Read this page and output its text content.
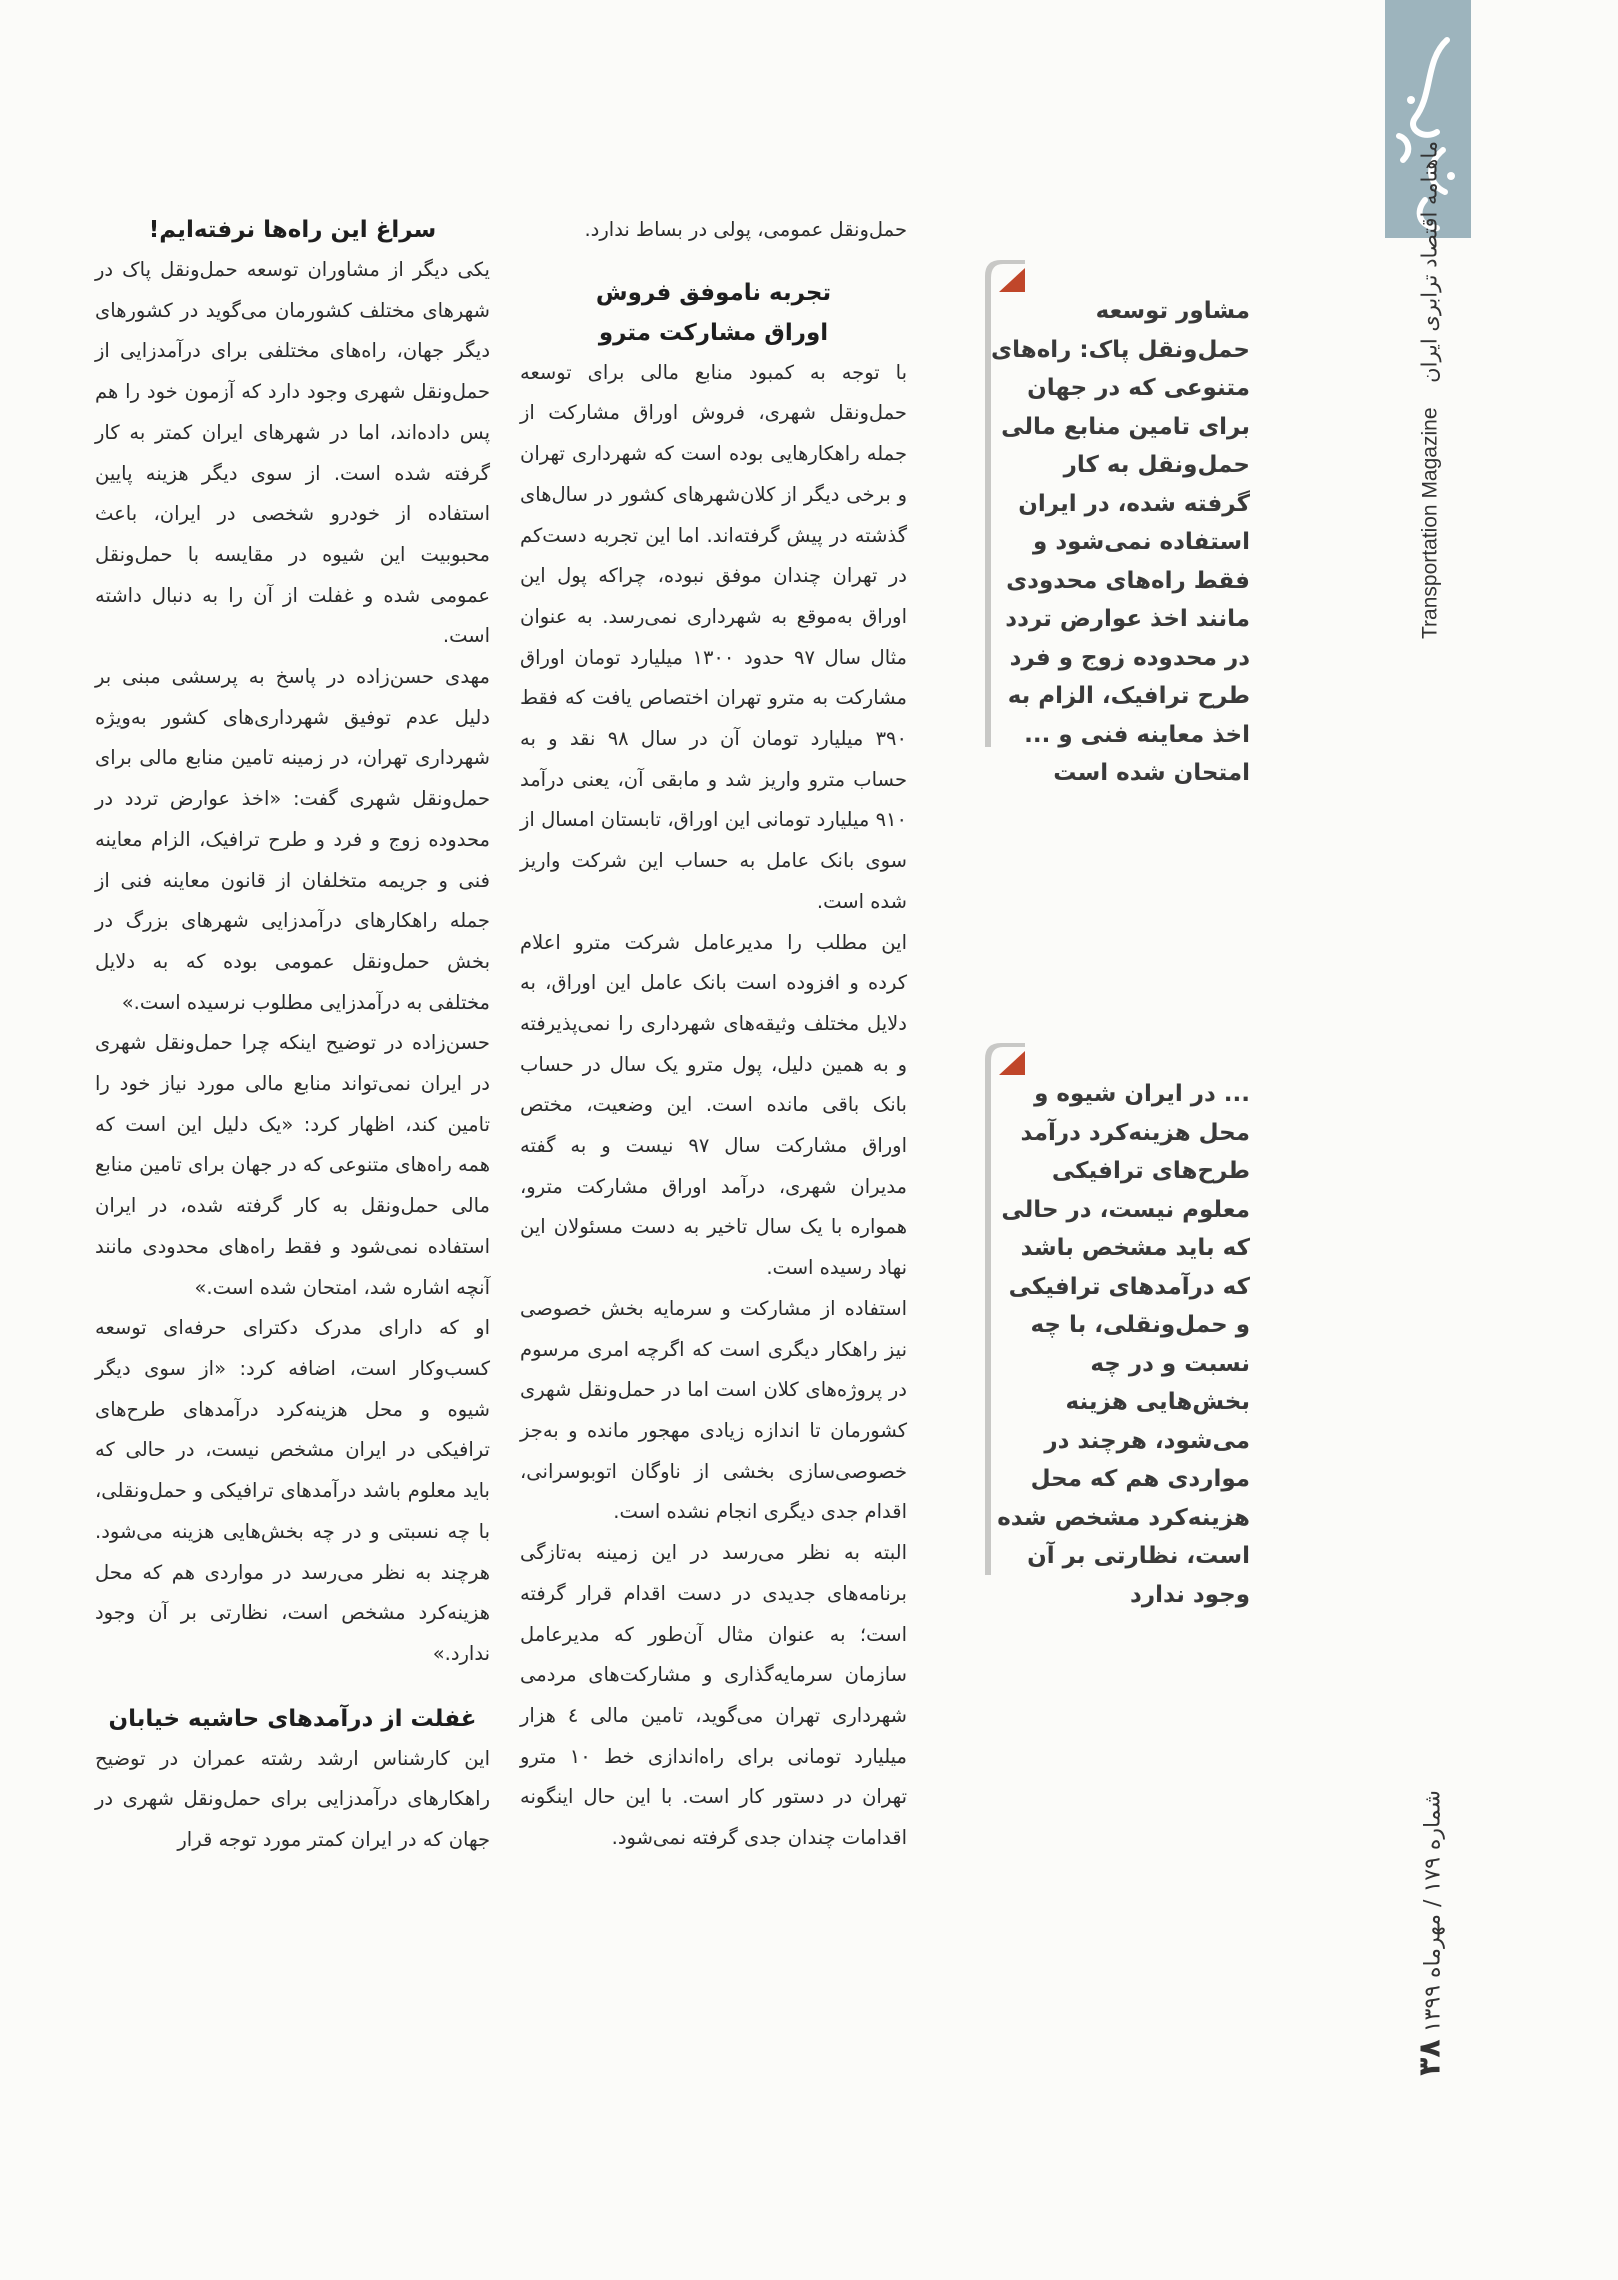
Transportation Magazine ماهنامه اقتصاد ترابری ایران
شماره ۱۷۹ / مهرماه ۱۳۹۹ ۳۸

مشاور توسعه حمل‌ونقل پاک: راه‌های متنوعی که در جهان برای تامین منابع مالی حمل‌ونقل به کار گرفته شده، در ایران استفاده نمی‌شود و فقط راه‌های محدودی مانند اخذ عوارض تردد در محدوده زوج و فرد طرح ترافیک، الزام به اخذ معاینه فنی و ... امتحان شده است

... در ایران شیوه و محل هزینه‌کرد درآمد طرح‌های ترافیکی معلوم نیست، در حالی که باید مشخص باشد که درآمدهای ترافیکی و حمل‌ونقلی، با چه نسبت و در چه بخش‌هایی هزینه می‌شود، هرچند در مواردی هم که محل هزینه‌کرد مشخص شده است، نظارتی بر آن وجود ندارد

حمل‌ونقل عمومی، پولی در بساط ندارد.

تجربه ناموفق فروش اوراق مشارکت مترو

با توجه به کمبود منابع مالی برای توسعه حمل‌ونقل شهری، فروش اوراق مشارکت از جمله راهکارهایی بوده است که شهرداری تهران و برخی دیگر از کلان‌شهرهای کشور در سال‌های گذشته در پیش گرفته‌اند. اما این تجربه دست‌کم در تهران چندان موفق نبوده، چراکه پول این اوراق به‌موقع به شهرداری نمی‌رسد. به عنوان مثال سال ۹۷ حدود ۱۳۰۰ میلیارد تومان اوراق مشارکت به مترو تهران اختصاص یافت که فقط ۳۹۰ میلیارد تومان آن در سال ۹۸ نقد و به حساب مترو واریز شد و مابقی آن، یعنی درآمد ۹۱۰ میلیارد تومانی این اوراق، تابستان امسال از سوی بانک عامل به حساب این شرکت واریز شده است.

این مطلب را مدیرعامل شرکت مترو اعلام کرده و افزوده است بانک عامل این اوراق، به دلایل مختلف وثیقه‌های شهرداری را نمی‌پذیرفته و به همین دلیل، پول مترو یک سال در حساب بانک باقی مانده است. این وضعیت، مختص اوراق مشارکت سال ۹۷ نیست و به گفته مدیران شهری، درآمد اوراق مشارکت مترو، همواره با یک سال تاخیر به دست مسئولان این نهاد رسیده است.

استفاده از مشارکت و سرمایه بخش خصوصی نیز راهکار دیگری است که اگرچه امری مرسوم در پروژه‌های کلان است اما در حمل‌ونقل شهری کشورمان تا اندازه زیادی مهجور مانده و به‌جز خصوصی‌سازی بخشی از ناوگان اتوبوسرانی، اقدام جدی دیگری انجام نشده است.

البته به نظر می‌رسد در این زمینه به‌تازگی برنامه‌های جدیدی در دست اقدام قرار گرفته است؛ به عنوان مثال آن‌طور که مدیرعامل سازمان سرمایه‌گذاری و مشارکت‌های مردمی شهرداری تهران می‌گوید، تامین مالی ٤ هزار میلیارد تومانی برای راه‌اندازی خط ۱۰ مترو تهران در دستور کار است. با این حال اینگونه اقدامات چندان جدی گرفته نمی‌شود.

سراغ این راه‌ها نرفته‌ایم!

یکی دیگر از مشاوران توسعه حمل‌ونقل پاک در شهرهای مختلف کشورمان می‌گوید در کشورهای دیگر جهان، راه‌های مختلفی برای درآمدزایی از حمل‌ونقل شهری وجود دارد که آزمون خود را هم پس داده‌اند، اما در شهرهای ایران کمتر به کار گرفته شده است. از سوی دیگر هزینه پایین استفاده از خودرو شخصی در ایران، باعث محبوبیت این شیوه در مقایسه با حمل‌ونقل عمومی شده و غفلت از آن را به دنبال داشته است.

مهدی حسن‌زاده در پاسخ به پرسشی مبنی بر دلیل عدم توفیق شهرداری‌های کشور به‌ویژه شهرداری تهران، در زمینه تامین منابع مالی برای حمل‌ونقل شهری گفت: «اخذ عوارض تردد در محدوده زوج و فرد و طرح ترافیک، الزام معاینه فنی و جریمه متخلفان از قانون معاینه فنی از جمله راهکارهای درآمدزایی شهرهای بزرگ در بخش حمل‌ونقل عمومی بوده که به دلایل مختلفی به درآمدزایی مطلوب نرسیده است.»

حسن‌زاده در توضیح اینکه چرا حمل‌ونقل شهری در ایران نمی‌تواند منابع مالی مورد نیاز خود را تامین کند، اظهار کرد: «یک دلیل این است که همه راه‌های متنوعی که در جهان برای تامین منابع مالی حمل‌ونقل به کار گرفته شده، در ایران استفاده نمی‌شود و فقط راه‌های محدودی مانند آنچه اشاره شد، امتحان شده است.»

او که دارای مدرک دکترای حرفه‌ای توسعه کسب‌وکار است، اضافه کرد: «از سوی دیگر شیوه و محل هزینه‌کرد درآمدهای طرح‌های ترافیکی در ایران مشخص نیست، در حالی که باید معلوم باشد درآمدهای ترافیکی و حمل‌ونقلی، با چه نسبتی و در چه بخش‌هایی هزینه می‌شود. هرچند به نظر می‌رسد در مواردی هم که محل هزینه‌کرد مشخص است، نظارتی بر آن وجود ندارد.»

غفلت از درآمدهای حاشیه خیابان

این کارشناس ارشد رشته عمران در توضیح راهکارهای درآمدزایی برای حمل‌ونقل شهری در جهان که در ایران کمتر مورد توجه قرار
